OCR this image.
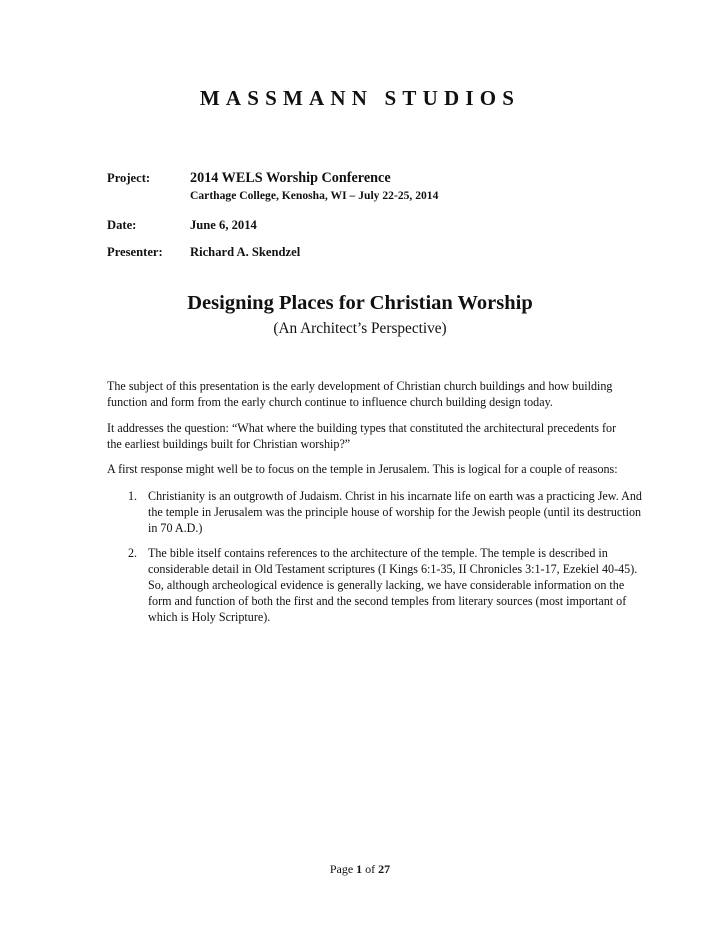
MASSMANN STUDIOS
Project:	2014 WELS Worship Conference
Carthage College, Kenosha, WI – July 22-25, 2014
Date:	June 6, 2014
Presenter: Richard A. Skendzel
Designing Places for Christian Worship
(An Architect’s Perspective)
The subject of this presentation is the early development of Christian church buildings and how building function and form from the early church continue to influence church building design today.
It addresses the question: “What where the building types that constituted the architectural precedents for the earliest buildings built for Christian worship?”
A first response might well be to focus on the temple in Jerusalem. This is logical for a couple of reasons:
1. Christianity is an outgrowth of Judaism. Christ in his incarnate life on earth was a practicing Jew. And the temple in Jerusalem was the principle house of worship for the Jewish people (until its destruction in 70 A.D.)
2. The bible itself contains references to the architecture of the temple. The temple is described in considerable detail in Old Testament scriptures (I Kings 6:1-35, II Chronicles 3:1-17, Ezekiel 40-45). So, although archeological evidence is generally lacking, we have considerable information on the form and function of both the first and the second temples from literary sources (most important of which is Holy Scripture).
Page 1 of 27
